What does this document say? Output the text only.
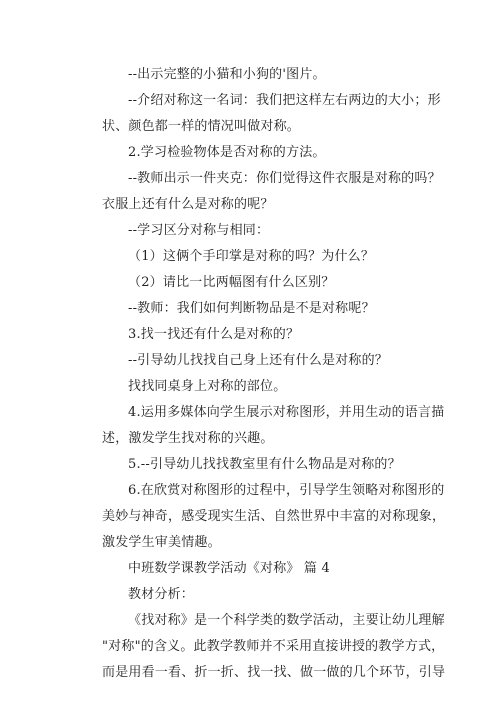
--出示完整的小猫和小狗的'图片。

--介绍对称这一名词：我们把这样左右两边的大小；形
状、颜色都一样的情况叫做对称。

2.学习检验物体是否对称的方法。

--教师出示一件夹克：你们觉得这件衣服是对称的吗？
衣服上还有什么是对称的呢？

--学习区分对称与相同：

（1）这俩个手印掌是对称的吗？为什么？

（2）请比一比两幅图有什么区别？

--教师：我们如何判断物品是不是对称呢？

3.找一找还有什么是对称的？

--引导幼儿找找自己身上还有什么是对称的？

找找同桌身上对称的部位。

4.运用多媒体向学生展示对称图形，并用生动的语言描
述，激发学生找对称的兴趣。

5.--引导幼儿找找教室里有什么物品是对称的？

6.在欣赏对称图形的过程中，引导学生领略对称图形的
美妙与神奇，感受现实生活、自然世界中丰富的对称现象，
激发学生审美情趣。

中班数学课教学活动《对称》 篇 4

教材分析：

《找对称》是一个科学类的数学活动，主要让幼儿理解
"对称"的含义。此教学教师并不采用直接讲授的教学方式，
而是用看一看、折一折、找一找、做一做的几个环节，引导
